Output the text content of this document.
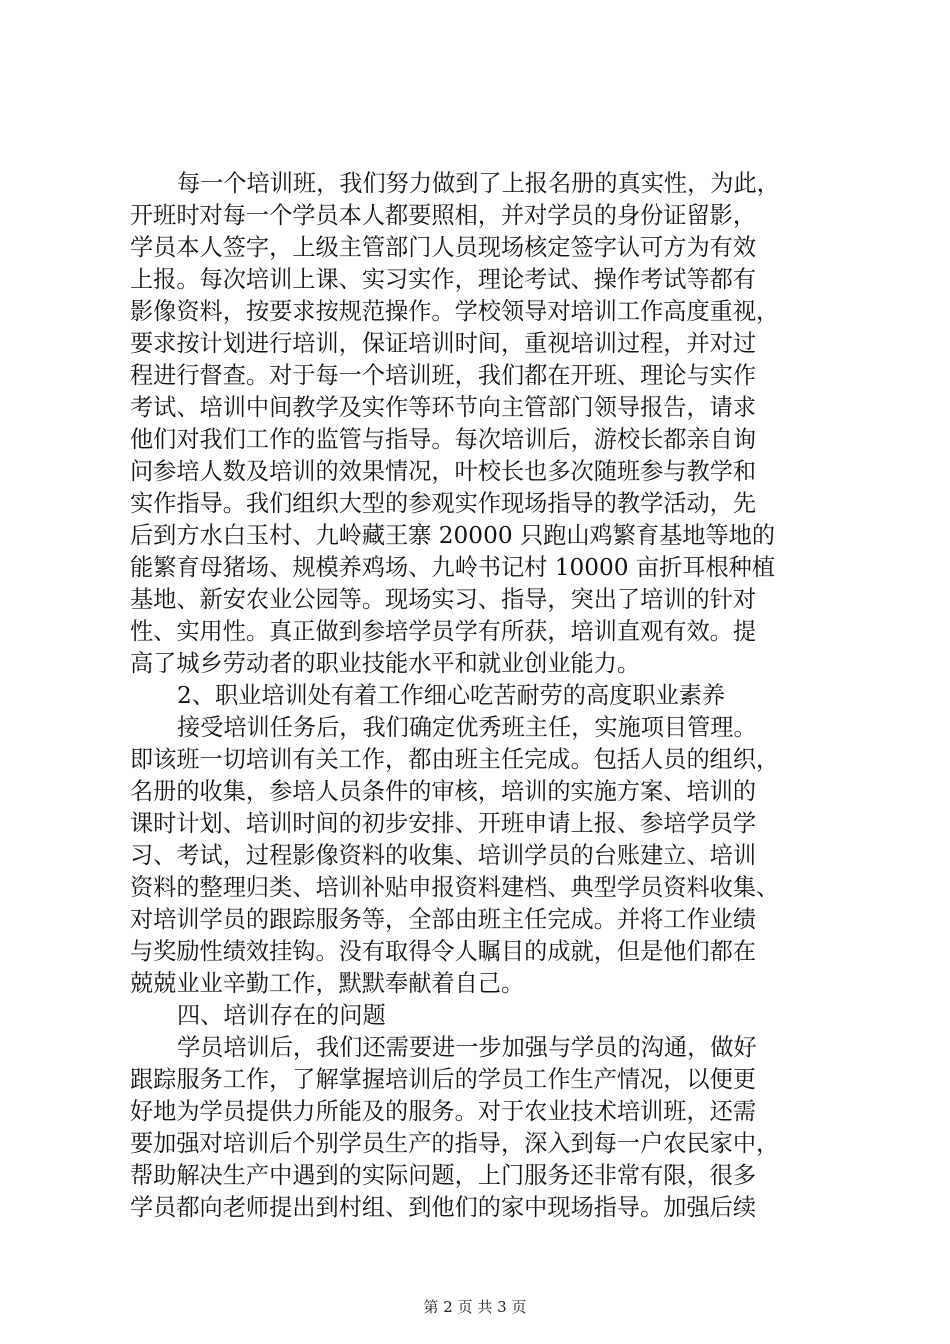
每一个培训班，我们努力做到了上报名册的真实性，为此，
开班时对每一个学员本人都要照相，并对学员的身份证留影，
学员本人签字，上级主管部门人员现场核定签字认可方为有效
上报。每次培训上课、实习实作，理论考试、操作考试等都有
影像资料，按要求按规范操作。学校领导对培训工作高度重视，
要求按计划进行培训，保证培训时间，重视培训过程，并对过
程进行督查。对于每一个培训班，我们都在开班、理论与实作
考试、培训中间教学及实作等环节向主管部门领导报告，请求
他们对我们工作的监管与指导。每次培训后，游校长都亲自询
问参培人数及培训的效果情况，叶校长也多次随班参与教学和
实作指导。我们组织大型的参观实作现场指导的教学活动，先
后到方水白玉村、九岭藏王寨 20000 只跑山鸡繁育基地等地的
能繁育母猪场、规模养鸡场、九岭书记村 10000 亩折耳根种植
基地、新安农业公园等。现场实习、指导，突出了培训的针对
性、实用性。真正做到参培学员学有所获，培训直观有效。提
高了城乡劳动者的职业技能水平和就业创业能力。
2、职业培训处有着工作细心吃苦耐劳的高度职业素养
接受培训任务后，我们确定优秀班主任，实施项目管理。
即该班一切培训有关工作，都由班主任完成。包括人员的组织，
名册的收集，参培人员条件的审核，培训的实施方案、培训的
课时计划、培训时间的初步安排、开班申请上报、参培学员学
习、考试，过程影像资料的收集、培训学员的台账建立、培训
资料的整理归类、培训补贴申报资料建档、典型学员资料收集、
对培训学员的跟踪服务等，全部由班主任完成。并将工作业绩
与奖励性绩效挂钩。没有取得令人瞩目的成就，但是他们都在
兢兢业业辛勤工作，默默奉献着自己。
四、培训存在的问题
学员培训后，我们还需要进一步加强与学员的沟通，做好
跟踪服务工作，了解掌握培训后的学员工作生产情况，以便更
好地为学员提供力所能及的服务。对于农业技术培训班，还需
要加强对培训后个别学员生产的指导，深入到每一户农民家中，
帮助解决生产中遇到的实际问题，上门服务还非常有限，很多
学员都向老师提出到村组、到他们的家中现场指导。加强后续
第 2 页 共 3 页
